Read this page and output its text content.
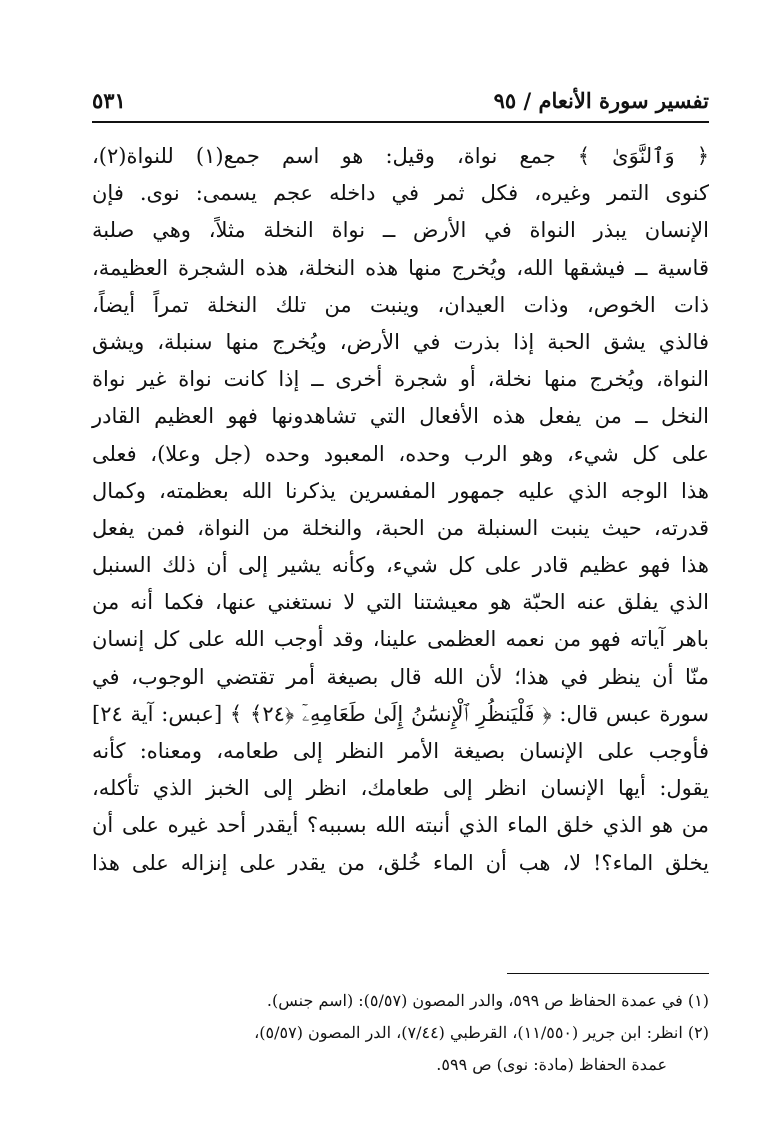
تفسير سورة الأنعام / ٩٥
٥٣١
﴿ وَٱلنَّوَىٰ ﴾ جمع نواة، وقيل: هو اسم جمع(١) للنواة(٢)،
كنوى التمر وغيره، فكل ثمر في داخله عجم يسمى: نوى. فإن
الإنسان يبذر النواة في الأرض ــ نواة النخلة مثلاً، وهي صلبة
قاسية ــ فيشقها الله، ويُخرج منها هذه النخلة، هذه الشجرة العظيمة،
ذات الخوص، وذات العيدان، وينبت من تلك النخلة تمراً أيضاً،
فالذي يشق الحبة إذا بذرت في الأرض، ويُخرج منها سنبلة، ويشق
النواة، ويُخرج منها نخلة، أو شجرة أخرى ــ إذا كانت نواة غير نواة
النخل ــ من يفعل هذه الأفعال التي تشاهدونها فهو العظيم القادر
على كل شيء، وهو الرب وحده، المعبود وحده (جل وعلا)، فعلى
هذا الوجه الذي عليه جمهور المفسرين يذكرنا الله بعظمته، وكمال
قدرته، حيث ينبت السنبلة من الحبة، والنخلة من النواة، فمن يفعل
هذا فهو عظيم قادر على كل شيء، وكأنه يشير إلى أن ذلك السنبل
الذي يفلق عنه الحبّة هو معيشتنا التي لا نستغني عنها، فكما أنه من
باهر آياته فهو من نعمه العظمى علينا، وقد أوجب الله على كل إنسان
منّا أن ينظر في هذا؛ لأن الله قال بصيغة أمر تقتضي الوجوب، في
سورة عبس قال: ﴿ فَلْيَنظُرِ ٱلْإِنسَٰنُ إِلَىٰ طَعَامِهِۦٓ ﴿٢٤﴾ ﴾ [عبس: آية ٢٤]
فأوجب على الإنسان بصيغة الأمر النظر إلى طعامه، ومعناه: كأنه
يقول: أيها الإنسان انظر إلى طعامك، انظر إلى الخبز الذي تأكله،
من هو الذي خلق الماء الذي أنبته الله بسببه؟ أيقدر أحد غيره على أن
يخلق الماء؟! لا، هب أن الماء خُلق، من يقدر على إنزاله على هذا
(١) في عمدة الحفاظ ص ٥٩٩، والدر المصون (٥/٥٧): (اسم جنس).
(٢) انظر: ابن جرير (١١/٥٥٠)، القرطبي (٧/٤٤)، الدر المصون (٥/٥٧)،
عمدة الحفاظ (مادة: نوى) ص ٥٩٩.
